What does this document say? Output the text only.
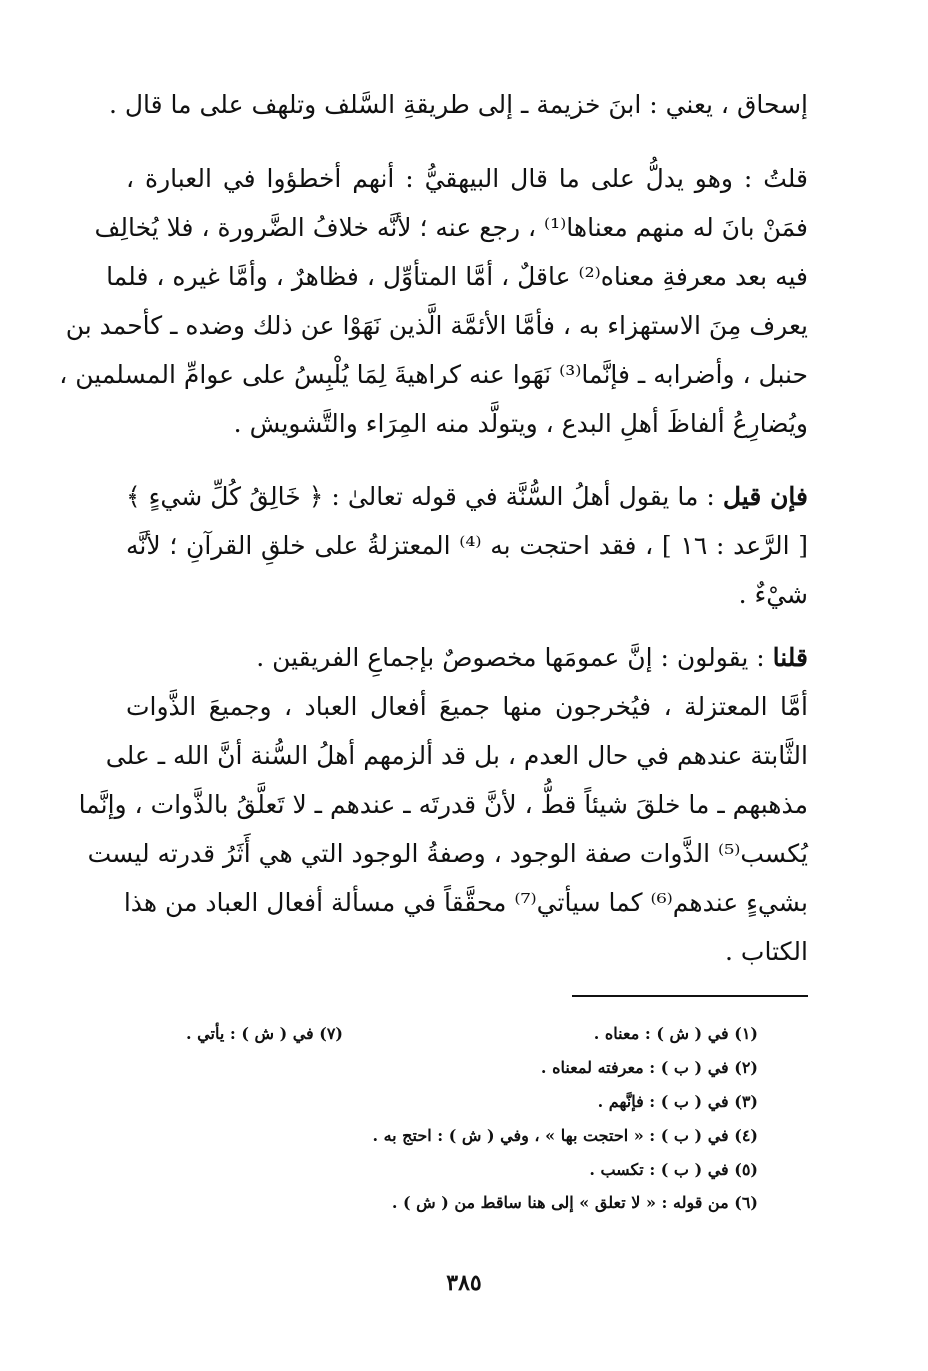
إسحاق ، يعني : ابنَ خزيمة ـ إلى طريقةِ السَّلف وتلهف على ما قال .
قلتُ : وهو يدلُّ على ما قال البيهقيُّ : أنهم أخطؤوا في العبارة ،
فمَنْ بانَ له منهم معناها⁽¹⁾ ، رجع عنه ؛ لأنَّه خلافُ الضَّرورة ، فلا يُخالِف
فيه بعد معرفةِ معناه⁽²⁾ عاقلٌ ، أمَّا المتأوِّل ، فظاهرٌ ، وأمَّا غيره ، فلما
يعرف مِنَ الاستهزاء به ، فأمَّا الأئمَّة الَّذين نَهَوْا عن ذلك وضده ـ كأحمد بن
حنبل ، وأضرابه ـ فإنَّما⁽³⁾ نَهَوا عنه كراهيةَ لِمَا يُلْبِسُ على عوامِّ المسلمين ،
ويُضارِعُ ألفاظَ أهلِ البدع ، ويتولَّد منه المِرَاء والتَّشويش .
فإن قيل : ما يقول أهلُ السُّنَّة في قوله تعالىٰ : ﴿ خَالِقُ كُلِّ شيءٍ ﴾
[ الرَّعد : ١٦ ] ، فقد احتجت به ⁽⁴⁾ المعتزلةُ على خلقِ القرآنِ ؛ لأنَّه
شيْءٌ .
قلنا : يقولون : إنَّ عمومَها مخصوصٌ بإجماعِ الفريقين .
أمَّا المعتزلة ، فيُخرجون منها جميعَ أفعال العباد ، وجميعَ الذَّوات
الثَّابتة عندهم في حال العدم ، بل قد ألزمهم أهلُ السُّنة أنَّ الله ـ على
مذهبهم ـ ما خلقَ شيئاً قطُّ ، لأنَّ قدرتَه ـ عندهم ـ لا تَعلَّقُ بالذَّوات ، وإنَّما
يُكسب⁽⁵⁾ الذَّوات صفة الوجود ، وصفةُ الوجود التي هي أَثَرُ قدرته ليست
بشيءٍ عندهم⁽⁶⁾ كما سيأتي⁽⁷⁾ محقَّقاً في مسألة أفعال العباد من هذا
الكتاب .
(١) في ( ش ) : معناه .
(٧) في ( ش ) : يأتي .
(٢) في ( ب ) : معرفته لمعناه .
(٣) في ( ب ) : فإنَّهم .
(٤) في ( ب ) : « احتجت بها » ، وفي ( ش ) : احتج به .
(٥) في ( ب ) : تكسب .
(٦) من قوله : « لا تعلق » إلى هنا ساقط من ( ش ) .
٣٨٥
